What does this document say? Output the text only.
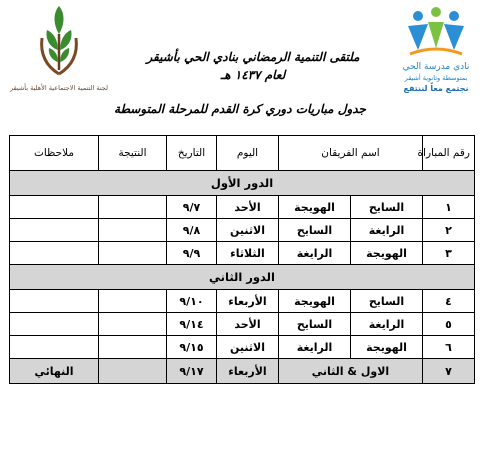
لجنة التنمية الاجتماعية الأهلية بأشيقر
نادي مدرسة الحي
بمتوسطة وثانوية أشيقر
نجتمع معاً لننتفع
ملتقى التنمية الرمضاني بنادي الحي بأشيقر
لعام ١٤٣٧ هـ
جدول مباريات دوري كرة القدم للمرحلة المتوسطة
رقم المباراة	اسم الفريقان		اليوم	التاريخ	النتيجة	ملاحظات
الدور الأول						
١	السايح	الهويجة	الأحد	٩/٧		
٢	الرايغة	السايح	الاثنين	٩/٨		
٣	الهويجة	الرايغة	الثلاثاء	٩/٩		
الدور الثاني						
٤	السايح	الهويجة	الأربعاء	٩/١٠		
٥	الرايغة	السايح	الأحد	٩/١٤		
٦	الهويجة	الرايغة	الاثنين	٩/١٥		
٧	الاول & الثاني		الأربعاء	٩/١٧		النهائي
